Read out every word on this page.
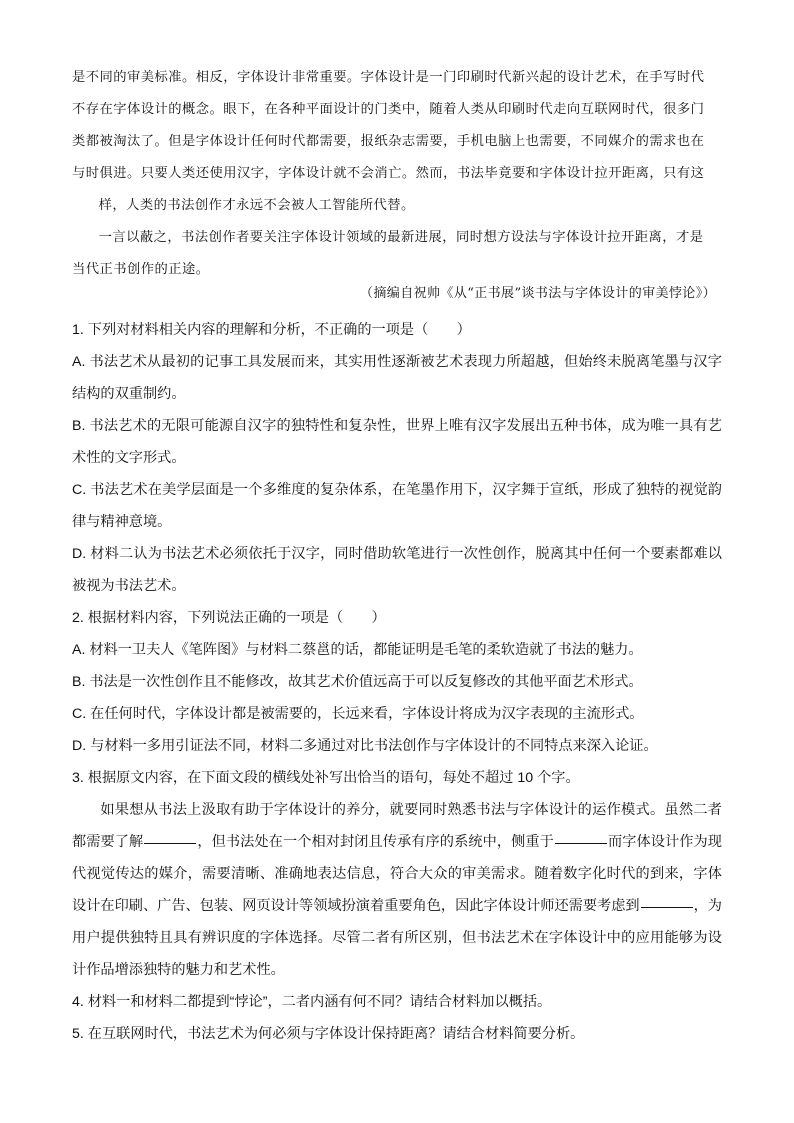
是不同的审美标准。相反，字体设计非常重要。字体设计是一门印刷时代新兴起的设计艺术，在手写时代

不存在字体设计的概念。眼下，在各种平面设计的门类中，随着人类从印刷时代走向互联网时代，很多门

类都被淘汰了。但是字体设计任何时代都需要，报纸杂志需要，手机电脑上也需要，不同媒介的需求也在

与时俱进。只要人类还使用汉字，字体设计就不会消亡。然而，书法毕竟要和字体设计拉开距离，只有这

样，人类的书法创作才永远不会被人工智能所代替。

一言以蔽之，书法创作者要关注字体设计领域的最新进展，同时想方设法与字体设计拉开距离，才是

当代正书创作的正途。

（摘编自祝帅《从“正书展”谈书法与字体设计的审美悖论》）
1. 下列对材料相关内容的理解和分析，不正确的一项是（　　）
A. 书法艺术从最初的记事工具发展而来，其实用性逐渐被艺术表现力所超越，但始终未脱离笔墨与汉字结构的双重制约。
B. 书法艺术的无限可能源自汉字的独特性和复杂性，世界上唯有汉字发展出五种书体，成为唯一具有艺术性的文字形式。
C. 书法艺术在美学层面是一个多维度的复杂体系，在笔墨作用下，汉字舞于宣纸，形成了独特的视觉韵律与精神意境。
D. 材料二认为书法艺术必须依托于汉字，同时借助软笔进行一次性创作，脱离其中任何一个要素都难以被视为书法艺术。
2. 根据材料内容，下列说法正确的一项是（　　）
A. 材料一卫夫人《笔阵图》与材料二蔡邕的话，都能证明是毛笔的柔软造就了书法的魅力。
B. 书法是一次性创作且不能修改，故其艺术价值远高于可以反复修改的其他平面艺术形式。
C. 在任何时代，字体设计都是被需要的，长远来看，字体设计将成为汉字表现的主流形式。
D. 与材料一多用引证法不同，材料二多通过对比书法创作与字体设计的不同特点来深入论证。
3. 根据原文内容，在下面文段的横线处补写出恰当的语句，每处不超过 10 个字。
如果想从书法上汲取有助于字体设计的养分，就要同时熟悉书法与字体设计的运作模式。虽然二者都需要了解	，但书法处在一个相对封闭且传承有序的系统中，侧重于	而字体设计作为现代视觉传达的媒介，需要清晰、准确地表达信息，符合大众的审美需求。随着数字化时代的到来，字体设计在印刷、广告、包装、网页设计等领域扮演着重要角色，因此字体设计师还需要考虑到	，为用户提供独特且具有辨识度的字体选择。尽管二者有所区别，但书法艺术在字体设计中的应用能够为设计作品增添独特的魅力和艺术性。
4. 材料一和材料二都提到“悖论”，二者内涵有何不同？请结合材料加以概括。
5. 在互联网时代，书法艺术为何必须与字体设计保持距离？请结合材料简要分析。
